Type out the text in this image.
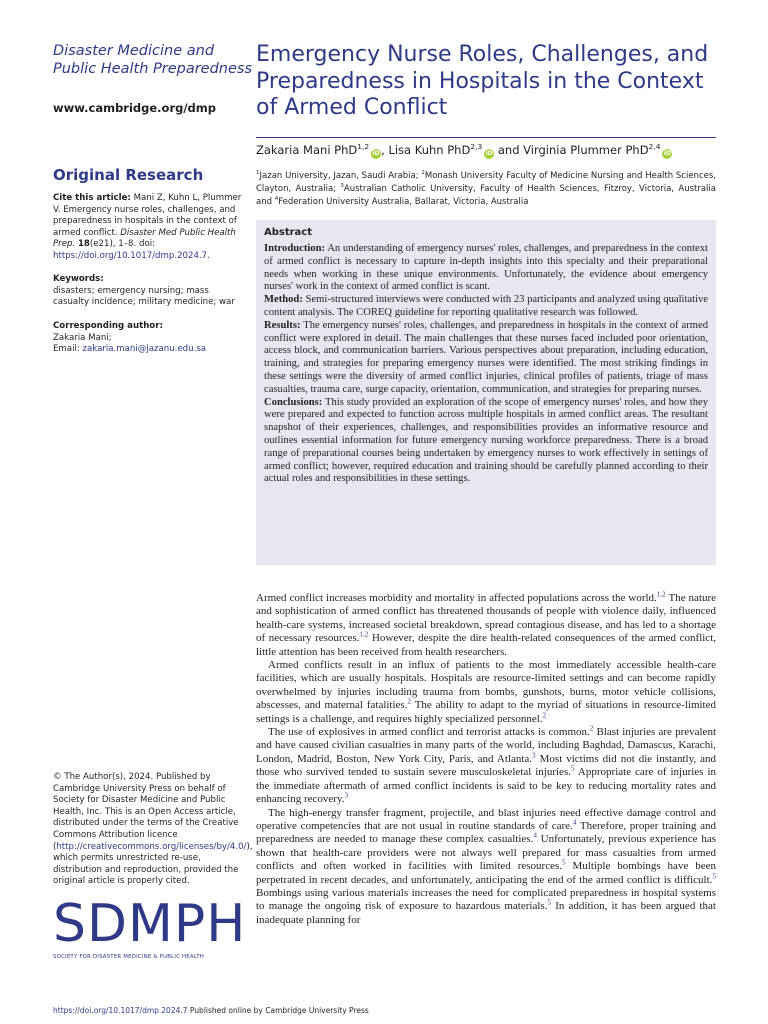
Disaster Medicine and Public Health Preparedness
www.cambridge.org/dmp
Original Research
Cite this article: Mani Z, Kuhn L, Plummer V. Emergency nurse roles, challenges, and preparedness in hospitals in the context of armed conflict. Disaster Med Public Health Prep. 18(e21), 1–8. doi: https://doi.org/10.1017/dmp.2024.7.
Keywords:
disasters; emergency nursing; mass casualty incidence; military medicine; war
Corresponding author:
Zakaria Mani;
Email: zakaria.mani@jazanu.edu.sa
© The Author(s), 2024. Published by Cambridge University Press on behalf of Society for Disaster Medicine and Public Health, Inc. This is an Open Access article, distributed under the terms of the Creative Commons Attribution licence (http://creativecommons.org/licenses/by/4.0/), which permits unrestricted re-use, distribution and reproduction, provided the original article is properly cited.
SDMPH
SOCIETY FOR DISASTER MEDICINE & PUBLIC HEALTH
Emergency Nurse Roles, Challenges, and Preparedness in Hospitals in the Context of Armed Conflict
Zakaria Mani PhD$^{1,2}$iD, Lisa Kuhn PhD$^{2,3}$iD and Virginia Plummer PhD$^{2,4}$iD
$^1$Jazan University, Jazan, Saudi Arabia; $^2$Monash University Faculty of Medicine Nursing and Health Sciences, Clayton, Australia; $^3$Australian Catholic University, Faculty of Health Sciences, Fitzroy, Victoria, Australia and $^4$Federation University Australia, Ballarat, Victoria, Australia
Abstract

Introduction: An understanding of emergency nurses' roles, challenges, and preparedness in the context of armed conflict is necessary to capture in-depth insights into this specialty and their preparational needs when working in these unique environments. Unfortunately, the evidence about emergency nurses' work in the context of armed conflict is scant.

Method: Semi-structured interviews were conducted with 23 participants and analyzed using qualitative content analysis. The COREQ guideline for reporting qualitative research was followed.

Results: The emergency nurses' roles, challenges, and preparedness in hospitals in the context of armed conflict were explored in detail. The main challenges that these nurses faced included poor orientation, access block, and communication barriers. Various perspectives about preparation, including education, training, and strategies for preparing emergency nurses were identified. The most striking findings in these settings were the diversity of armed conflict injuries, clinical profiles of patients, triage of mass casualties, trauma care, surge capacity, orientation, communication, and strategies for preparing nurses.

Conclusions: This study provided an exploration of the scope of emergency nurses' roles, and how they were prepared and expected to function across multiple hospitals in armed conflict areas. The resultant snapshot of their experiences, challenges, and responsibilities provides an informative resource and outlines essential information for future emergency nursing workforce preparedness. There is a broad range of preparational courses being undertaken by emergency nurses to work effectively in settings of armed conflict; however, required education and training should be carefully planned according to their actual roles and responsibilities in these settings.

Armed conflict increases morbidity and mortality in affected populations across the world.$^{1,2}$ The nature and sophistication of armed conflict has threatened thousands of people with violence daily, influenced health-care systems, increased societal breakdown, spread contagious disease, and has led to a shortage of necessary resources.$^{1,2}$ However, despite the dire health-related consequences of the armed conflict, little attention has been received from health researchers.

Armed conflicts result in an influx of patients to the most immediately accessible health-care facilities, which are usually hospitals. Hospitals are resource-limited settings and can become rapidly overwhelmed by injuries including trauma from bombs, gunshots, burns, motor vehicle collisions, abscesses, and maternal fatalities.$^2$ The ability to adapt to the myriad of situations in resource-limited settings is a challenge, and requires highly specialized personnel.$^2$

The use of explosives in armed conflict and terrorist attacks is common.$^2$ Blast injuries are prevalent and have caused civilian casualties in many parts of the world, including Baghdad, Damascus, Karachi, London, Madrid, Boston, New York City, Paris, and Atlanta.$^3$ Most victims did not die instantly, and those who survived tended to sustain severe musculoskeletal injuries.$^5$ Appropriate care of injuries in the immediate aftermath of armed conflict incidents is said to be key to reducing mortality rates and enhancing recovery.$^3$

The high-energy transfer fragment, projectile, and blast injuries need effective damage control and operative competencies that are not usual in routine standards of care.$^4$ Therefore, proper training and preparedness are needed to manage these complex casualties.$^4$ Unfortunately, previous experience has shown that health-care providers were not always well prepared for mass casualties from armed conflicts and often worked in facilities with limited resources.$^5$ Multiple bombings have been perpetrated in recent decades, and unfortunately, anticipating the end of the armed conflict is difficult.$^5$ Bombings using various materials increases the need for complicated preparedness in hospital systems to manage the ongoing risk of exposure to hazardous materials.$^5$ In addition, it has been argued that inadequate planning for

https://doi.org/10.1017/dmp.2024.7 Published online by Cambridge University Press
